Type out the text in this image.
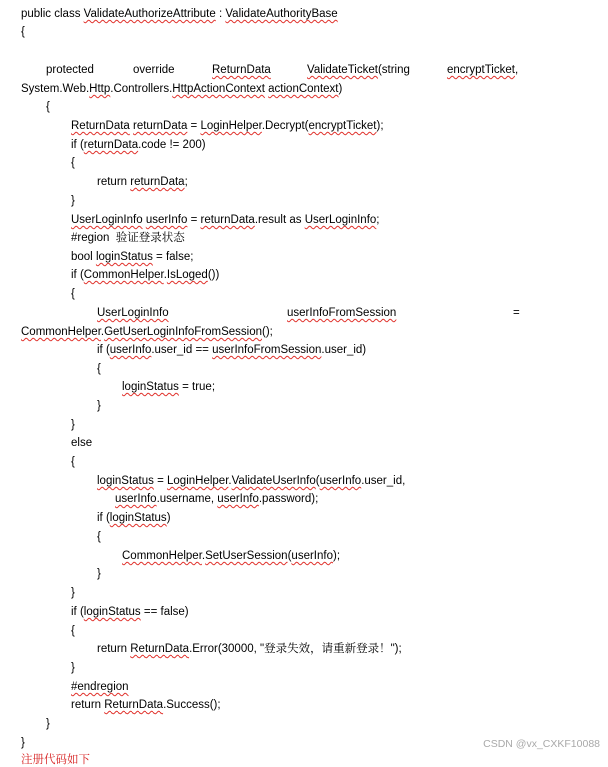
public class ValidateAuthorizeAttribute : ValidateAuthorityBase
{
protected	override	ReturnData	ValidateTicket(string	encryptTicket,
System.Web.Http.Controllers.HttpActionContext actionContext)
{
ReturnData returnData = LoginHelper.Decrypt(encryptTicket);
if (returnData.code != 200)
{
return returnData;
}
UserLoginInfo userInfo = returnData.result as UserLoginInfo;
#region  验证登录状态
bool loginStatus = false;
if (CommonHelper.IsLoged())
{
UserLoginInfo	userInfoFromSession	=
CommonHelper.GetUserLoginInfoFromSession();
if (userInfo.user_id == userInfoFromSession.user_id)
{
loginStatus = true;
}
}
else
{
loginStatus = LoginHelper.ValidateUserInfo(userInfo.user_id,
userInfo.username, userInfo.password);
if (loginStatus)
{
CommonHelper.SetUserSession(userInfo);
}
}
if (loginStatus == false)
{
return ReturnData.Error(30000, "登录失效，请重新登录！");
}
#endregion
return ReturnData.Success();
}
}
注册代码如下
CSDN @vx_CXKF10088
